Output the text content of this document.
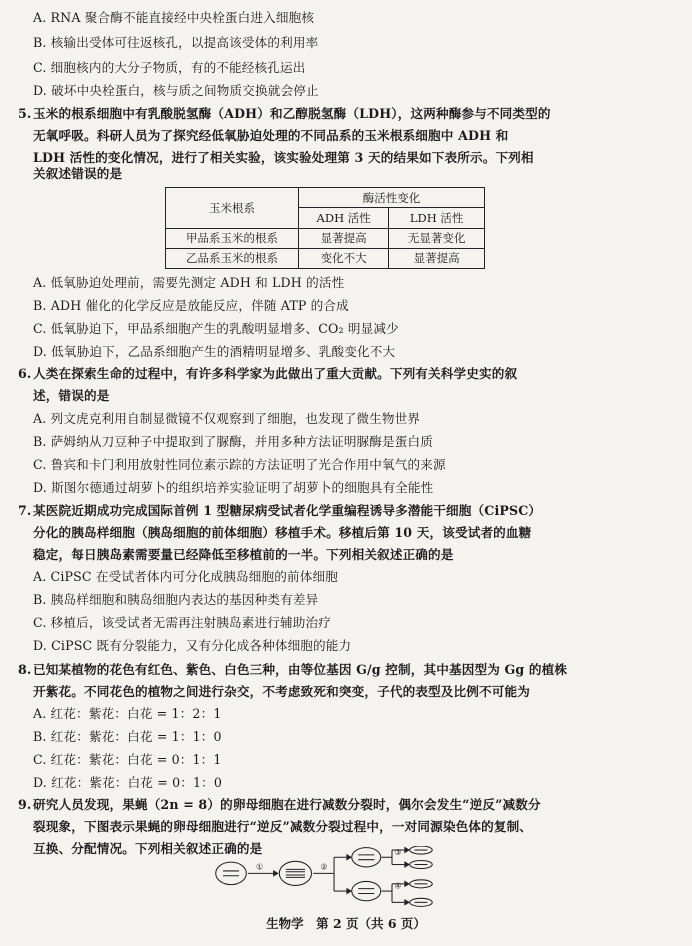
A. RNA 聚合酶不能直接经中央栓蛋白进入细胞核
B. 核输出受体可往返核孔，以提高该受体的利用率
C. 细胞核内的大分子物质，有的不能经核孔运出
D. 破坏中央栓蛋白，核与质之间物质交换就会停止
5. 玉米的根系细胞中有乳酸脱氢酶（ADH）和乙醇脱氢酶（LDH），这两种酶参与不同类型的
无氧呼吸。科研人员为了探究经低氧胁迫处理的不同品系的玉米根系细胞中 ADH 和
LDH 活性的变化情况，进行了相关实验，该实验处理第 3 天的结果如下表所示。下列相
关叙述错误的是
玉米根系	酶活性变化	
	ADH 活性	LDH 活性
甲品系玉米的根系	显著提高	无显著变化
乙品系玉米的根系	变化不大	显著提高
A. 低氧胁迫处理前，需要先测定 ADH 和 LDH 的活性
B. ADH 催化的化学反应是放能反应，伴随 ATP 的合成
C. 低氧胁迫下，甲品系细胞产生的乳酸明显增多、CO₂ 明显减少
D. 低氧胁迫下，乙品系细胞产生的酒精明显增多、乳酸变化不大
6. 人类在探索生命的过程中，有许多科学家为此做出了重大贡献。下列有关科学史实的叙
述，错误的是
A. 列文虎克利用自制显微镜不仅观察到了细胞，也发现了微生物世界
B. 萨姆纳从刀豆种子中提取到了脲酶，并用多种方法证明脲酶是蛋白质
C. 鲁宾和卡门利用放射性同位素示踪的方法证明了光合作用中氧气的来源
D. 斯图尔德通过胡萝卜的组织培养实验证明了胡萝卜的细胞具有全能性
7. 某医院近期成功完成国际首例 1 型糖尿病受试者化学重编程诱导多潜能干细胞（CiPSC）
分化的胰岛样细胞（胰岛细胞的前体细胞）移植手术。移植后第 10 天，该受试者的血糖
稳定，每日胰岛素需要量已经降低至移植前的一半。下列相关叙述正确的是
A. CiPSC 在受试者体内可分化成胰岛细胞的前体细胞
B. 胰岛样细胞和胰岛细胞内表达的基因种类有差异
C. 移植后，该受试者无需再注射胰岛素进行辅助治疗
D. CiPSC 既有分裂能力，又有分化成各种体细胞的能力
8. 已知某植物的花色有红色、紫色、白色三种，由等位基因 G/g 控制，其中基因型为 Gg 的植株
开紫花。不同花色的植物之间进行杂交，不考虑致死和突变，子代的表型及比例不可能为
A. 红花：紫花：白花 = 1：2：1
B. 红花：紫花：白花 = 1：1：0
C. 红花：紫花：白花 = 0：1：1
D. 红花：紫花：白花 = 0：1：0
9. 研究人员发现，果蝇（2n = 8）的卵母细胞在进行减数分裂时，偶尔会发生“逆反”减数分
裂现象，下图表示果蝇的卵母细胞进行“逆反”减数分裂过程中，一对同源染色体的复制、
互换、分配情况。下列相关叙述正确的是
①	②
③
④
生物学　第 2 页（共 6 页）
